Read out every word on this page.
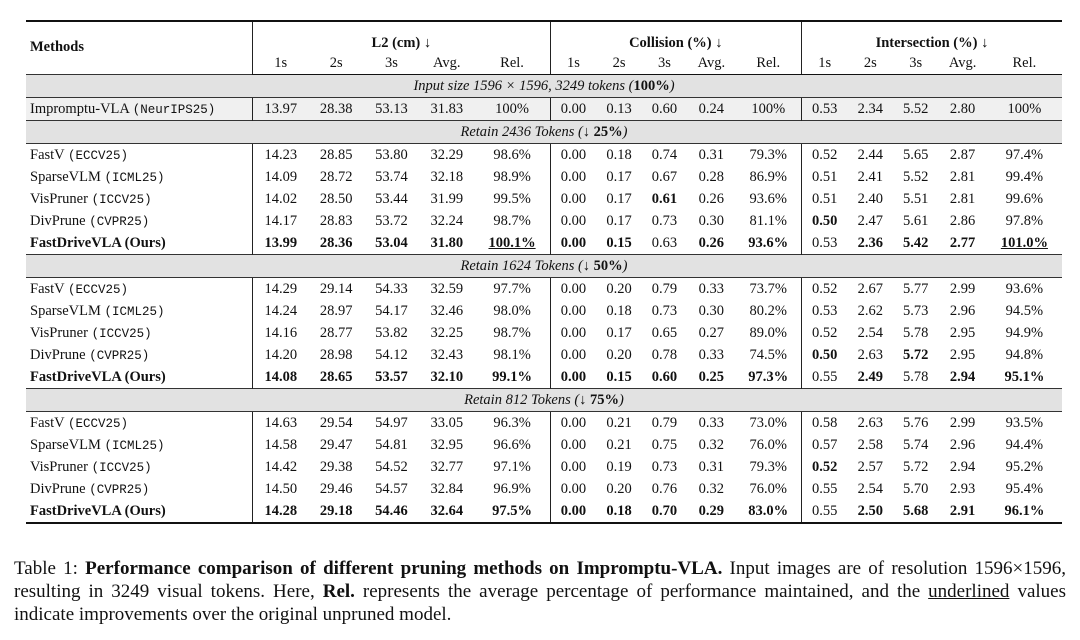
Methods	L2 (cm) ↓					Collision (%) ↓					Intersection (%) ↓				
	1s	2s	3s	Avg.	Rel.	1s	2s	3s	Avg.	Rel.	1s	2s	3s	Avg.	Rel.
Input size 1596 × 1596, 3249 tokens (100%)															
Impromptu-VLA (NeurIPS25)	13.97	28.38	53.13	31.83	100%	0.00	0.13	0.60	0.24	100%	0.53	2.34	5.52	2.80	100%
Retain 2436 Tokens (↓ 25%)															
FastV (ECCV25)	14.23	28.85	53.80	32.29	98.6%	0.00	0.18	0.74	0.31	79.3%	0.52	2.44	5.65	2.87	97.4%
SparseVLM (ICML25)	14.09	28.72	53.74	32.18	98.9%	0.00	0.17	0.67	0.28	86.9%	0.51	2.41	5.52	2.81	99.4%
VisPruner (ICCV25)	14.02	28.50	53.44	31.99	99.5%	0.00	0.17	0.61	0.26	93.6%	0.51	2.40	5.51	2.81	99.6%
DivPrune (CVPR25)	14.17	28.83	53.72	32.24	98.7%	0.00	0.17	0.73	0.30	81.1%	0.50	2.47	5.61	2.86	97.8%
FastDriveVLA (Ours)	13.99	28.36	53.04	31.80	100.1%	0.00	0.15	0.63	0.26	93.6%	0.53	2.36	5.42	2.77	101.0%
Retain 1624 Tokens (↓ 50%)															
FastV (ECCV25)	14.29	29.14	54.33	32.59	97.7%	0.00	0.20	0.79	0.33	73.7%	0.52	2.67	5.77	2.99	93.6%
SparseVLM (ICML25)	14.24	28.97	54.17	32.46	98.0%	0.00	0.18	0.73	0.30	80.2%	0.53	2.62	5.73	2.96	94.5%
VisPruner (ICCV25)	14.16	28.77	53.82	32.25	98.7%	0.00	0.17	0.65	0.27	89.0%	0.52	2.54	5.78	2.95	94.9%
DivPrune (CVPR25)	14.20	28.98	54.12	32.43	98.1%	0.00	0.20	0.78	0.33	74.5%	0.50	2.63	5.72	2.95	94.8%
FastDriveVLA (Ours)	14.08	28.65	53.57	32.10	99.1%	0.00	0.15	0.60	0.25	97.3%	0.55	2.49	5.78	2.94	95.1%
Retain 812 Tokens (↓ 75%)															
FastV (ECCV25)	14.63	29.54	54.97	33.05	96.3%	0.00	0.21	0.79	0.33	73.0%	0.58	2.63	5.76	2.99	93.5%
SparseVLM (ICML25)	14.58	29.47	54.81	32.95	96.6%	0.00	0.21	0.75	0.32	76.0%	0.57	2.58	5.74	2.96	94.4%
VisPruner (ICCV25)	14.42	29.38	54.52	32.77	97.1%	0.00	0.19	0.73	0.31	79.3%	0.52	2.57	5.72	2.94	95.2%
DivPrune (CVPR25)	14.50	29.46	54.57	32.84	96.9%	0.00	0.20	0.76	0.32	76.0%	0.55	2.54	5.70	2.93	95.4%
FastDriveVLA (Ours)	14.28	29.18	54.46	32.64	97.5%	0.00	0.18	0.70	0.29	83.0%	0.55	2.50	5.68	2.91	96.1%
Table 1: Performance comparison of different pruning methods on Impromptu-VLA. Input images are of resolution 1596×1596, resulting in 3249 visual tokens. Here, Rel. represents the average percentage of performance maintained, and the underlined values indicate improvements over the original unpruned model.
